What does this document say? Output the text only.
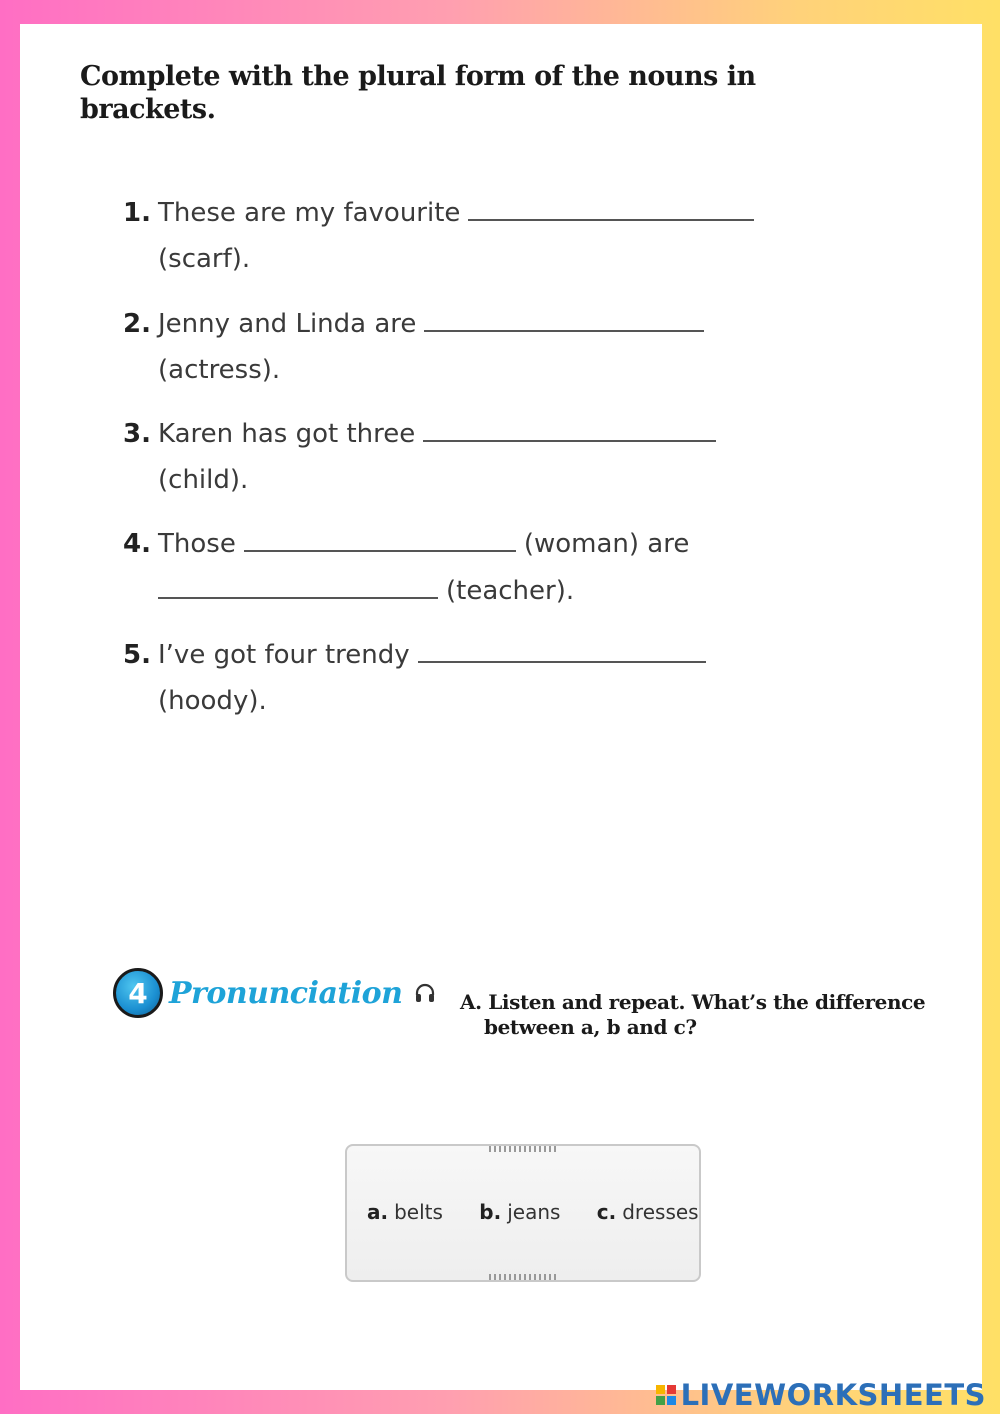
Complete with the plural form of the nouns in brackets.

1. These are my favourite
(scarf).
2. Jenny and Linda are
(actress).
3. Karen has got three
(child).
4. Those	(woman) are
(teacher).
5. I’ve got four trendy
(hoody).
4 Pronunciation	A. Listen and repeat. What’s the difference
between a, b and c?
a. belts b. jeans c. dresses
LIVEWORKSHEETS
